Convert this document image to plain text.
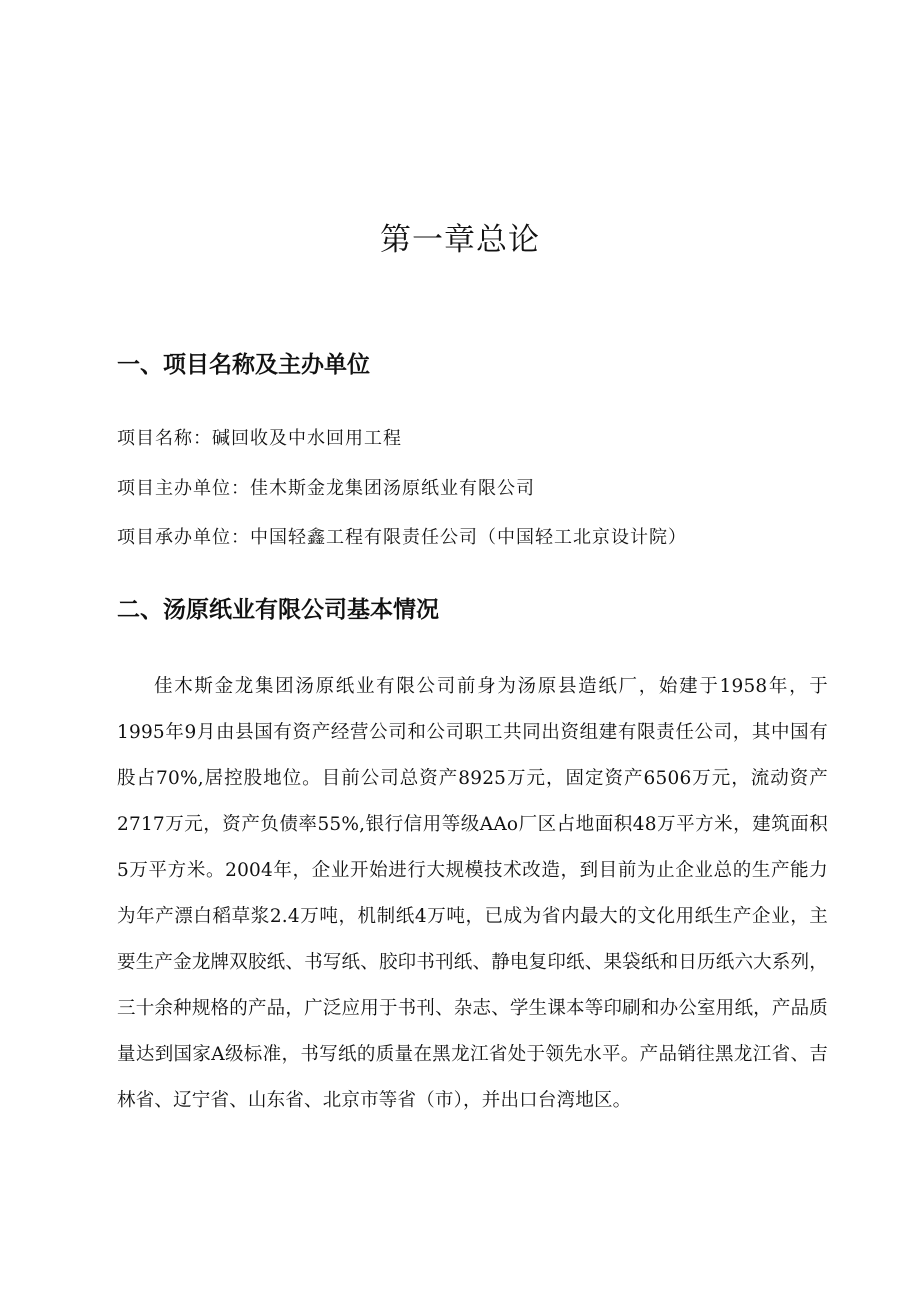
第一章总论
一、项目名称及主办单位

项目名称：碱回收及中水回用工程

项目主办单位：佳木斯金龙集团汤原纸业有限公司

项目承办单位：中国轻鑫工程有限责任公司（中国轻工北京设计院）

二、汤原纸业有限公司基本情况

佳木斯金龙集团汤原纸业有限公司前身为汤原县造纸厂，始建于1958年，于1995年9月由县国有资产经营公司和公司职工共同出资组建有限责任公司，其中国有股占70%,居控股地位。目前公司总资产8925万元，固定资产6506万元，流动资产2717万元，资产负债率55%,银行信用等级AAo厂区占地面积48万平方米，建筑面积5万平方米。2004年，企业开始进行大规模技术改造，到目前为止企业总的生产能力为年产漂白稻草浆2.4万吨，机制纸4万吨，已成为省内最大的文化用纸生产企业，主要生产金龙牌双胶纸、书写纸、胶印书刊纸、静电复印纸、果袋纸和日历纸六大系列，三十余种规格的产品，广泛应用于书刊、杂志、学生课本等印刷和办公室用纸，产品质量达到国家A级标准，书写纸的质量在黑龙江省处于领先水平。产品销往黑龙江省、吉林省、辽宁省、山东省、北京市等省（市），并出口台湾地区。
